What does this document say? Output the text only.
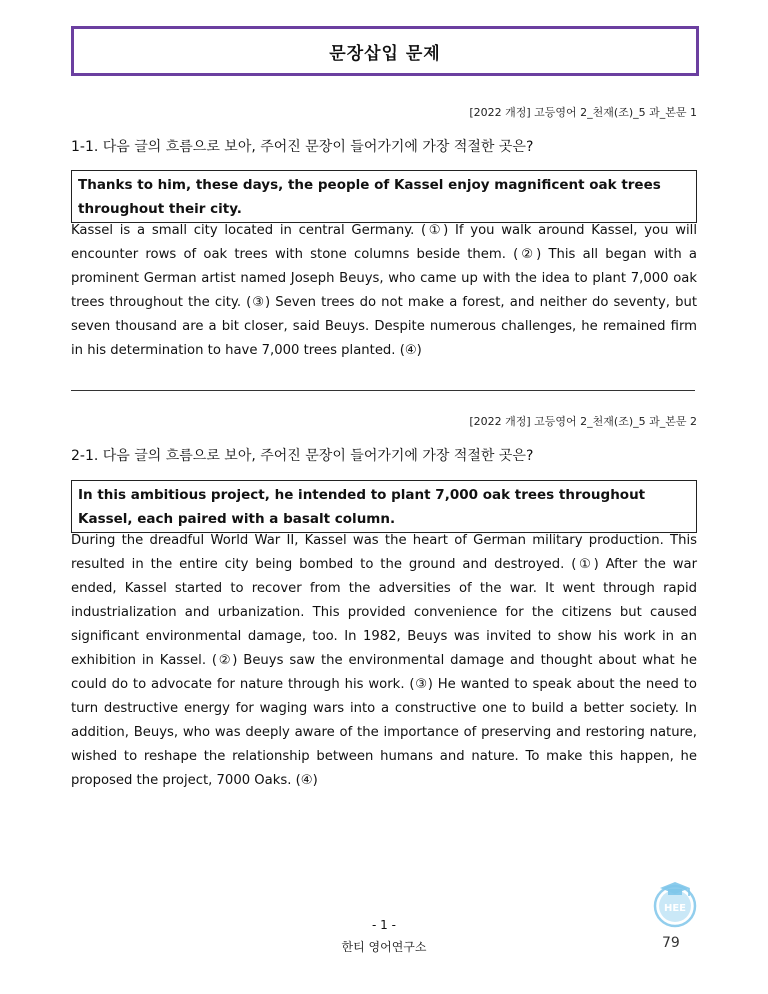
문장삽입 문제
[2022 개정] 고등영어 2_천재(조)_5 과_본문 1
1-1. 다음 글의 흐름으로 보아, 주어진 문장이 들어가기에 가장 적절한 곳은?
Thanks to him, these days, the people of Kassel enjoy magnificent oak trees throughout their city.
Kassel is a small city located in central Germany. (①) If you walk around Kassel, you will encounter rows of oak trees with stone columns beside them. (②) This all began with a prominent German artist named Joseph Beuys, who came up with the idea to plant 7,000 oak trees throughout the city. (③) Seven trees do not make a forest, and neither do seventy, but seven thousand are a bit closer, said Beuys. Despite numerous challenges, he remained firm in his determination to have 7,000 trees planted. (④)
[2022 개정] 고등영어 2_천재(조)_5 과_본문 2
2-1. 다음 글의 흐름으로 보아, 주어진 문장이 들어가기에 가장 적절한 곳은?
In this ambitious project, he intended to plant 7,000 oak trees throughout Kassel, each paired with a basalt column.
During the dreadful World War II, Kassel was the heart of German military production. This resulted in the entire city being bombed to the ground and destroyed. (①) After the war ended, Kassel started to recover from the adversities of the war. It went through rapid industrialization and urbanization. This provided convenience for the citizens but caused significant environmental damage, too. In 1982, Beuys was invited to show his work in an exhibition in Kassel. (②) Beuys saw the environmental damage and thought about what he could do to advocate for nature through his work. (③) He wanted to speak about the need to turn destructive energy for waging wars into a constructive one to build a better society. In addition, Beuys, who was deeply aware of the importance of preserving and restoring nature, wished to reshape the relationship between humans and nature. To make this happen, he proposed the project, 7000 Oaks. (④)
- 1 -
한티 영어연구소
HEE
79
